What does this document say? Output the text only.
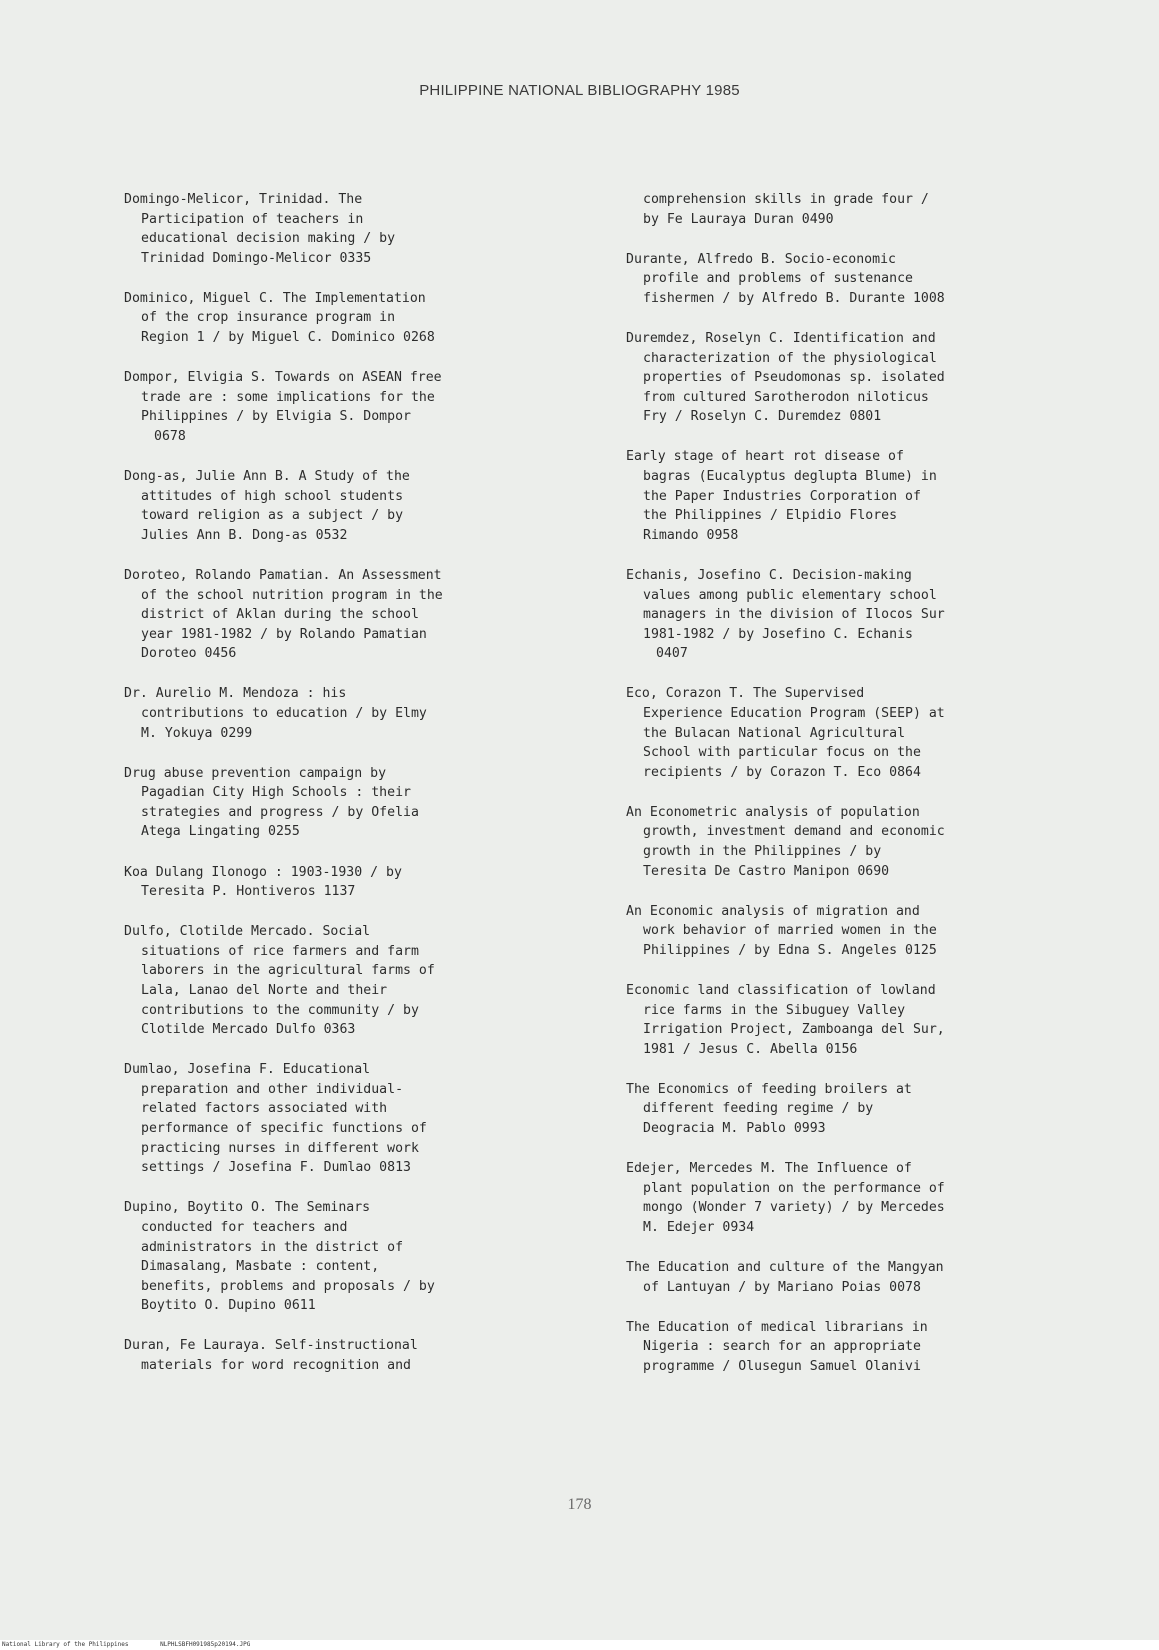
PHILIPPINE NATIONAL BIBLIOGRAPHY 1985
Domingo-Melicor, Trinidad. The
Participation of teachers in
educational decision making / by
Trinidad Domingo-Melicor 0335
Dominico, Miguel C. The Implementation
of the crop insurance program in
Region 1 / by Miguel C. Dominico 0268
Dompor, Elvigia S. Towards on ASEAN free
trade are : some implications for the
Philippines / by Elvigia S. Dompor
0678
Dong-as, Julie Ann B. A Study of the
attitudes of high school students
toward religion as a subject / by
Julies Ann B. Dong-as 0532
Doroteo, Rolando Pamatian. An Assessment
of the school nutrition program in the
district of Aklan during the school
year 1981-1982 / by Rolando Pamatian
Doroteo 0456
Dr. Aurelio M. Mendoza : his
contributions to education / by Elmy
M. Yokuya 0299
Drug abuse prevention campaign by
Pagadian City High Schools : their
strategies and progress / by Ofelia
Atega Lingating 0255
Koa Dulang Ilonogo : 1903-1930 / by
Teresita P. Hontiveros 1137
Dulfo, Clotilde Mercado. Social
situations of rice farmers and farm
laborers in the agricultural farms of
Lala, Lanao del Norte and their
contributions to the community / by
Clotilde Mercado Dulfo 0363
Dumlao, Josefina F. Educational
preparation and other individual-
related factors associated with
performance of specific functions of
practicing nurses in different work
settings / Josefina F. Dumlao 0813
Dupino, Boytito O. The Seminars
conducted for teachers and
administrators in the district of
Dimasalang, Masbate : content,
benefits, problems and proposals / by
Boytito O. Dupino 0611
Duran, Fe Lauraya. Self-instructional
materials for word recognition and
comprehension skills in grade four /
by Fe Lauraya Duran 0490
Durante, Alfredo B. Socio-economic
profile and problems of sustenance
fishermen / by Alfredo B. Durante 1008
Duremdez, Roselyn C. Identification and
characterization of the physiological
properties of Pseudomonas sp. isolated
from cultured Sarotherodon niloticus
Fry / Roselyn C. Duremdez 0801
Early stage of heart rot disease of
bagras (Eucalyptus deglupta Blume) in
the Paper Industries Corporation of
the Philippines / Elpidio Flores
Rimando 0958
Echanis, Josefino C. Decision-making
values among public elementary school
managers in the division of Ilocos Sur
1981-1982 / by Josefino C. Echanis
0407
Eco, Corazon T. The Supervised
Experience Education Program (SEEP) at
the Bulacan National Agricultural
School with particular focus on the
recipients / by Corazon T. Eco 0864
An Econometric analysis of population
growth, investment demand and economic
growth in the Philippines / by
Teresita De Castro Manipon 0690
An Economic analysis of migration and
work behavior of married women in the
Philippines / by Edna S. Angeles 0125
Economic land classification of lowland
rice farms in the Sibuguey Valley
Irrigation Project, Zamboanga del Sur,
1981 / Jesus C. Abella 0156
The Economics of feeding broilers at
different feeding regime / by
Deogracia M. Pablo 0993
Edejer, Mercedes M. The Influence of
plant population on the performance of
mongo (Wonder 7 variety) / by Mercedes
M. Edejer 0934
The Education and culture of the Mangyan
of Lantuyan / by Mariano Poias 0078
The Education of medical librarians in
Nigeria : search for an appropriate
programme / Olusegun Samuel Olanivi
178
National Library of the Philippines	NLPHLSBFH091985p20194.JPG
